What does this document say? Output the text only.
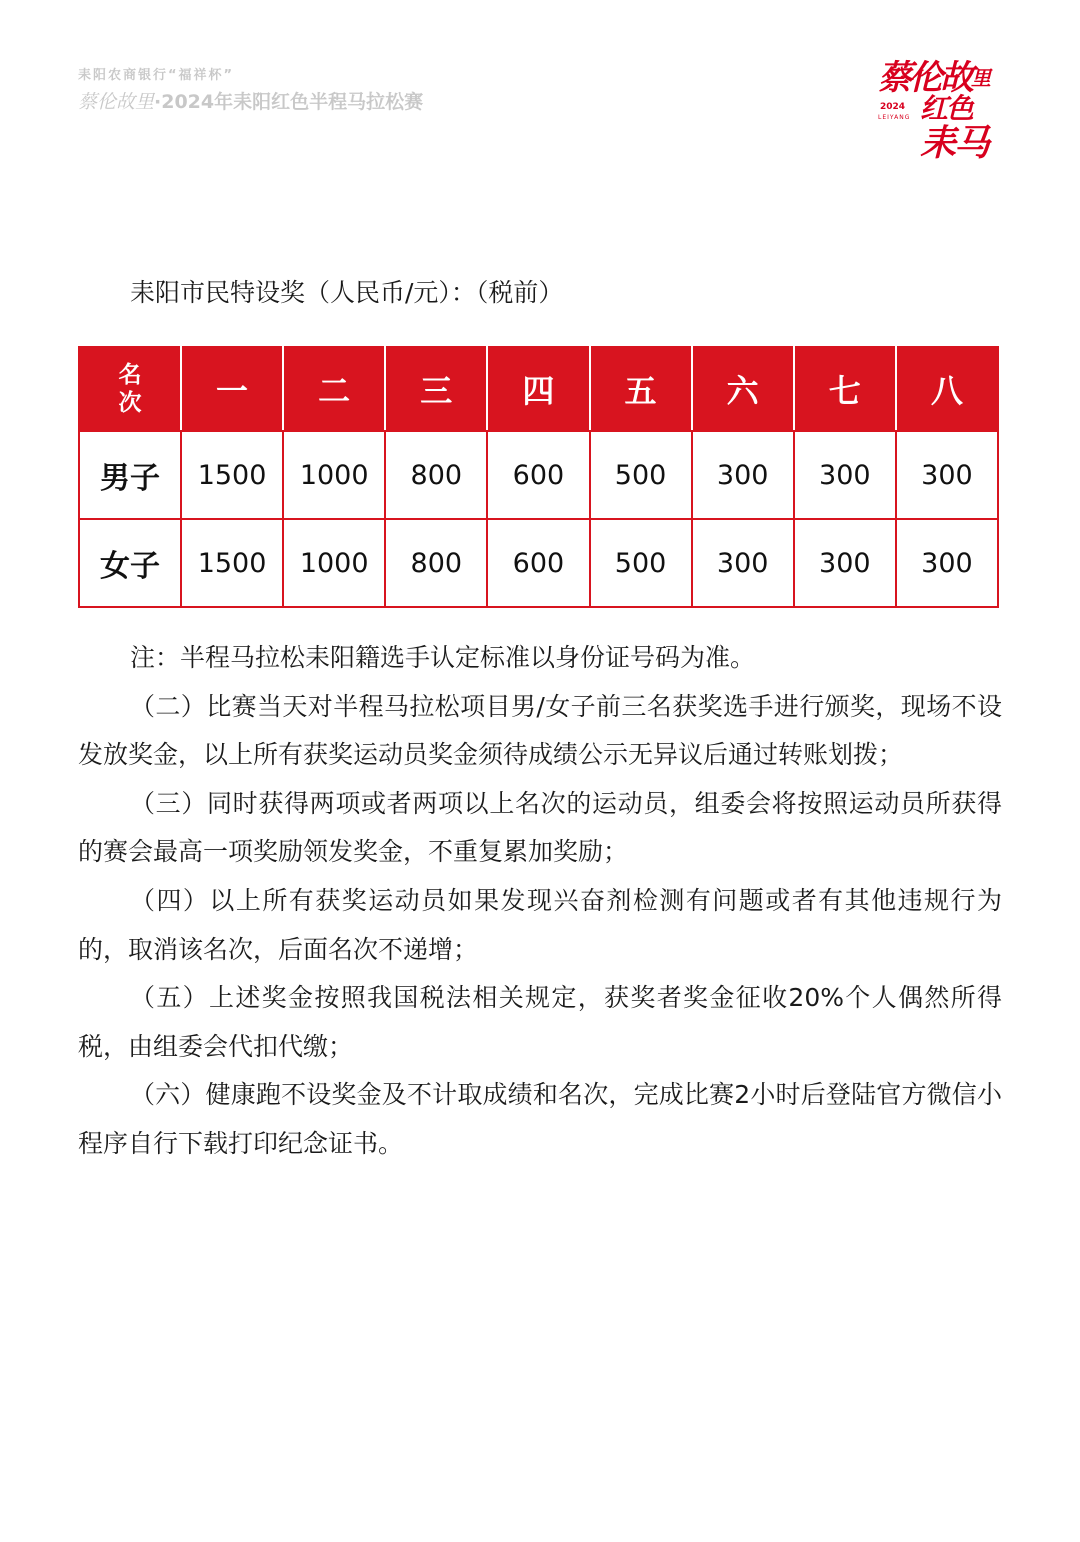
耒阳农商银行“福祥杯”
蔡伦故里·2024年耒阳红色半程马拉松赛
蔡伦故$^里$
2024
LEIYANG 红色耒马
耒阳市民特设奖（人民币/元）：（税前）
名
次	一	二	三	四	五	六	七	八
男子	1500	1000	800	600	500	300	300	300
女子	1500	1000	800	600	500	300	300	300

注：半程马拉松耒阳籍选手认定标准以身份证号码为准。

（二）比赛当天对半程马拉松项目男/女子前三名获奖选手进行颁奖，现场不设发放奖金，以上所有获奖运动员奖金须待成绩公示无异议后通过转账划拨；

（三）同时获得两项或者两项以上名次的运动员，组委会将按照运动员所获得的赛会最高一项奖励领发奖金，不重复累加奖励；

（四）以上所有获奖运动员如果发现兴奋剂检测有问题或者有其他违规行为的，取消该名次，后面名次不递增；

（五）上述奖金按照我国税法相关规定，获奖者奖金征收20%个人偶然所得税，由组委会代扣代缴；

（六）健康跑不设奖金及不计取成绩和名次，完成比赛2小时后登陆官方微信小程序自行下载打印纪念证书。
